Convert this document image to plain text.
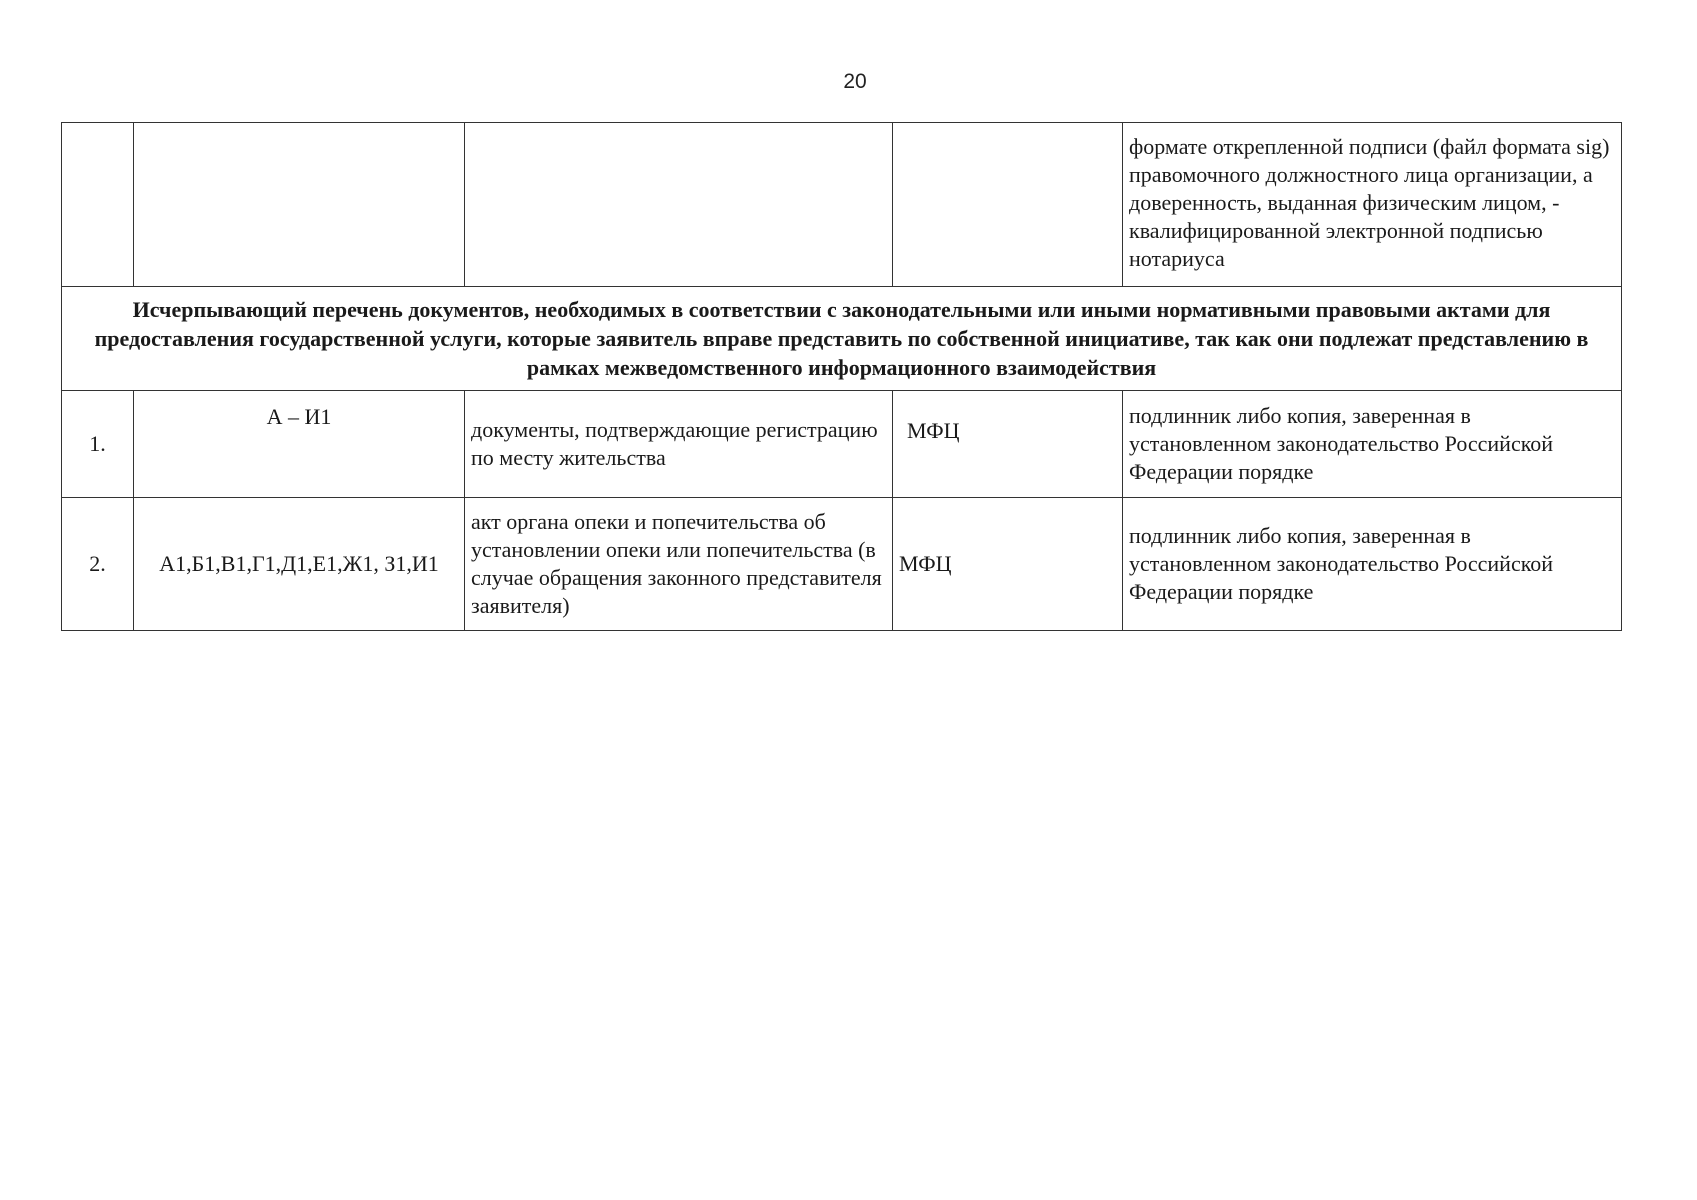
20
				формате открепленной подписи (файл формата sig) правомочного должностного лица организации, а доверенность, выданная физическим лицом, - квалифицированной электронной подписью нотариуса
Исчерпывающий перечень документов, необходимых в соответствии с законодательными или иными нормативными правовыми актами для предоставления государственной услуги, которые заявитель вправе представить по собственной инициативе, так как они подлежат представлению в рамках межведомственного информационного взаимодействия				
1.	А – И1	документы, подтверждающие регистрацию по месту жительства	МФЦ	подлинник либо копия, заверенная в установленном законодательство Российской Федерации порядке
2.	А1,Б1,В1,Г1,Д1,Е1,Ж1, З1,И1	акт органа опеки и попечительства об установлении опеки или попечительства (в случае обращения законного представителя заявителя)	МФЦ	подлинник либо копия, заверенная в установленном законодательство Российской Федерации порядке
